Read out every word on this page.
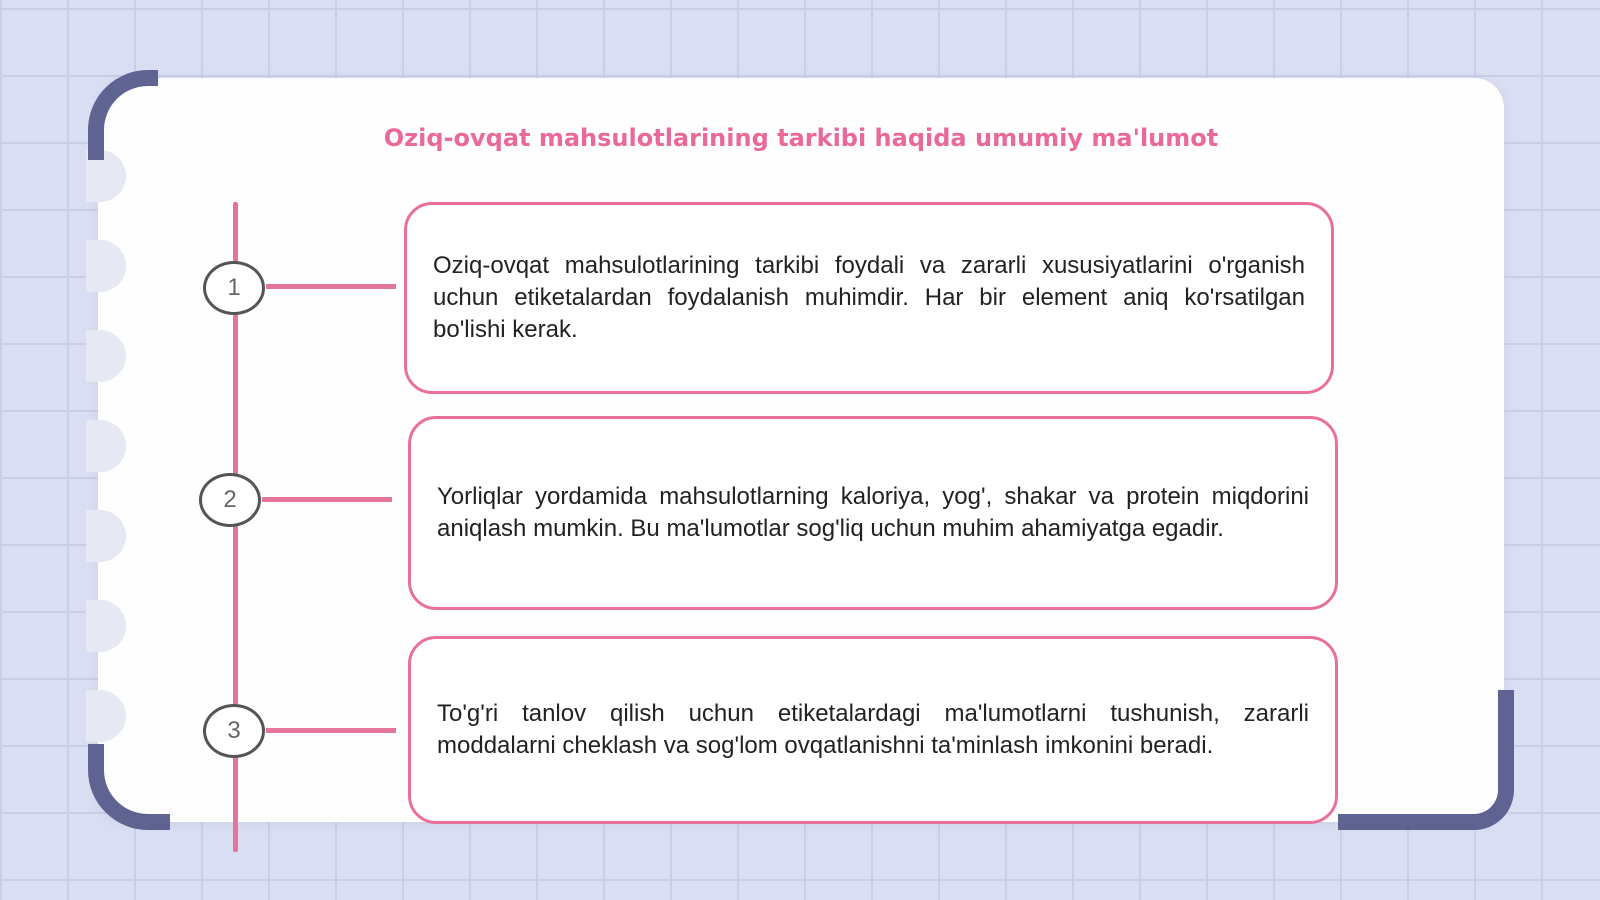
Oziq-ovqat mahsulotlarining tarkibi haqida umumiy ma'lumot
1
2
3

Oziq-ovqat mahsulotlarining tarkibi foydali va zararli xususiyatlarini o'rganish uchun etiketalardan foydalanish muhimdir. Har bir element aniq ko'rsatilgan bo'lishi kerak.

Yorliqlar yordamida mahsulotlarning kaloriya, yog', shakar va protein miqdorini aniqlash mumkin. Bu ma'lumotlar sog'liq uchun muhim ahamiyatga egadir.

To'g'ri tanlov qilish uchun etiketalardagi ma'lumotlarni tushunish, zararli moddalarni cheklash va sog'lom ovqatlanishni ta'minlash imkonini beradi.
